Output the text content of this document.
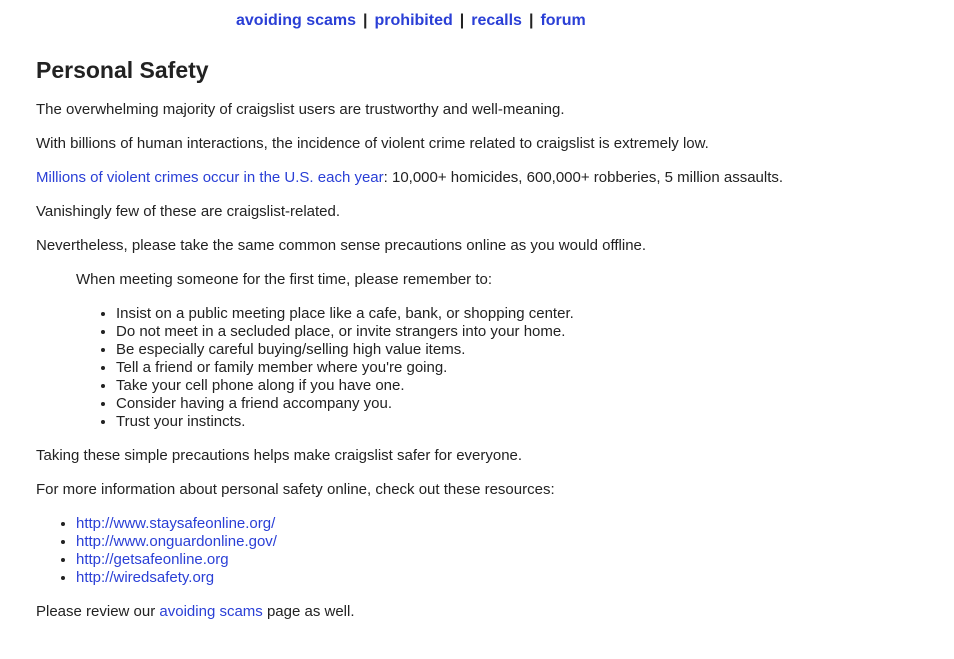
avoiding scams | prohibited | recalls | forum
Personal Safety

The overwhelming majority of craigslist users are trustworthy and well-meaning.

With billions of human interactions, the incidence of violent crime related to craigslist is extremely low.

Millions of violent crimes occur in the U.S. each year: 10,000+ homicides, 600,000+ robberies, 5 million assaults.

Vanishingly few of these are craigslist-related.

Nevertheless, please take the same common sense precautions online as you would offline.

When meeting someone for the first time, please remember to:

• Insist on a public meeting place like a cafe, bank, or shopping center.
• Do not meet in a secluded place, or invite strangers into your home.
• Be especially careful buying/selling high value items.
• Tell a friend or family member where you're going.
• Take your cell phone along if you have one.
• Consider having a friend accompany you.
• Trust your instincts.

Taking these simple precautions helps make craigslist safer for everyone.

For more information about personal safety online, check out these resources:

• http://www.staysafeonline.org/
• http://www.onguardonline.gov/
• http://getsafeonline.org
• http://wiredsafety.org

Please review our avoiding scams page as well.
